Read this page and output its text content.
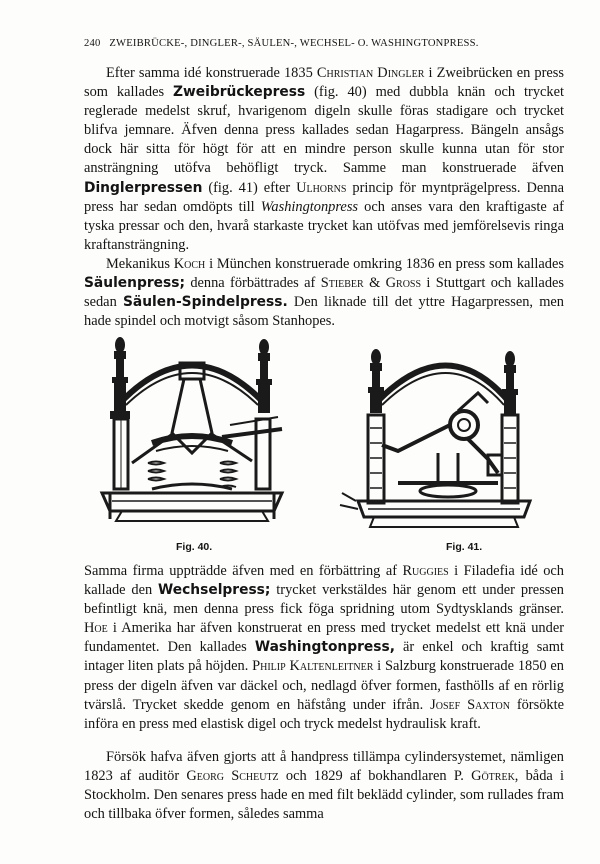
240 ZWEIBRÜCKE-, DINGLER-, SÄULEN-, WECHSEL- O. WASHINGTONPRESS.

Efter samma idé konstruerade 1835 Christian Dingler i Zweibrücken en press som kallades Zweibrückepress (fig. 40) med dubbla knän och trycket reglerade medelst skruf, hvarigenom digeln skulle föras stadigare och trycket blifva jemnare. Äfven denna press kallades sedan Hagarpress. Bängeln ansågs dock här sitta för högt för att en mindre person skulle kunna utan för stor ansträngning utöfva behöfligt tryck. Samme man konstruerade äfven Dinglerpressen (fig. 41) efter Ulhorns princip för myntprägelpress. Denna press har sedan omdöpts till Washingtonpress och anses vara den kraftigaste af tyska pressar och den, hvarå starkaste trycket kan utöfvas med jemförelsevis ringa kraftansträngning.

Mekanikus Koch i München konstruerade omkring 1836 en press som kallades Säulenpress; denna förbättrades af Stieber & Gross i Stuttgart och kallades sedan Säulen-Spindelpress. Den liknade till det yttre Hagarpressen, men hade spindel och motvigt såsom Stanhopes.

Fig. 40.	Fig. 41.

Samma firma uppträdde äfven med en förbättring af Ruggies i Filadefia idé och kallade den Wechselpress; trycket verkstäldes här genom ett under pressen befintligt knä, men denna press fick föga spridning utom Sydtysklands gränser. Hoe i Amerika har äfven konstruerat en press med trycket medelst ett knä under fundamentet. Den kallades Washingtonpress, är enkel och kraftig samt intager liten plats på höjden. Philip Kaltenleitner i Salzburg konstruerade 1850 en press der digeln äfven var däckel och, nedlagd öfver formen, fasthölls af en rörlig tvärslå. Trycket skedde genom en häfstång under ifrån. Josef Saxton försökte införa en press med elastisk digel och tryck medelst hydraulisk kraft.

Försök hafva äfven gjorts att å handpress tillämpa cylindersystemet, nämligen 1823 af auditör Georg Scheutz och 1829 af bokhandlaren P. Götrek, båda i Stockholm. Den senares press hade en med filt beklädd cylinder, som rullades fram och tillbaka öfver formen, således samma
